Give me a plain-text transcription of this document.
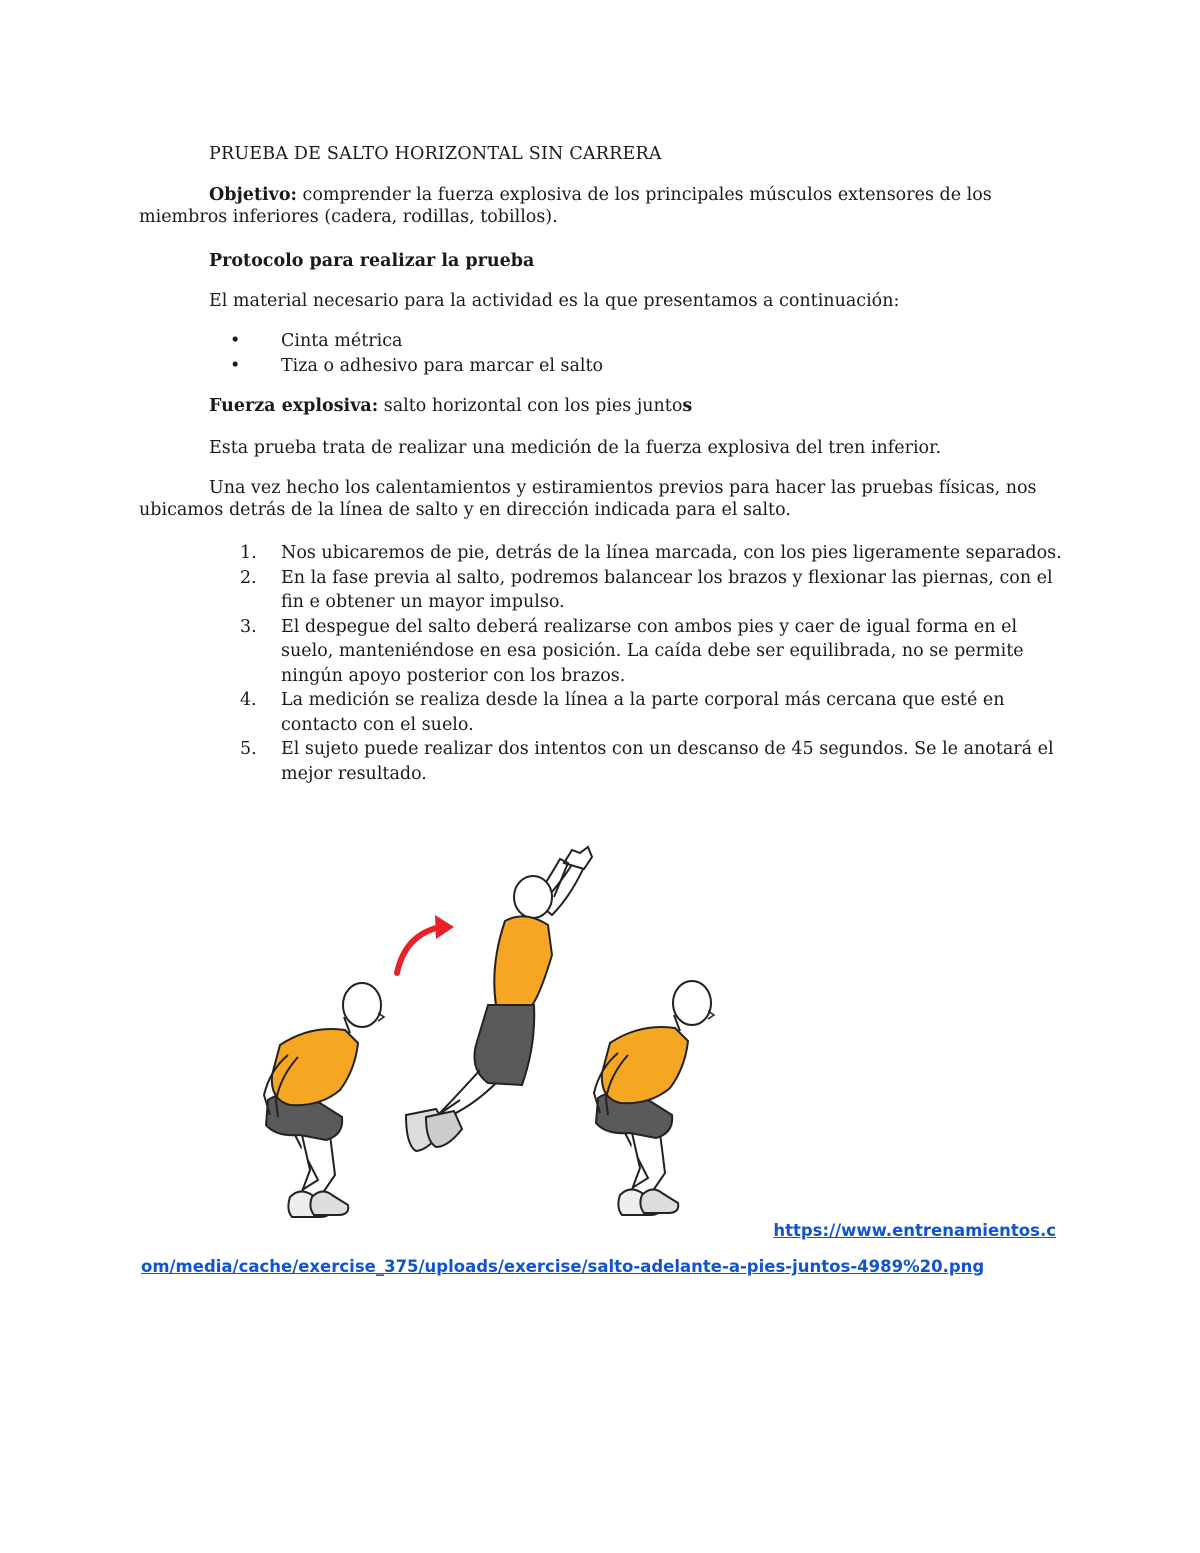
PRUEBA DE SALTO HORIZONTAL SIN CARRERA

Objetivo: comprender la fuerza explosiva de los principales músculos extensores de los miembros inferiores (cadera, rodillas, tobillos).

Protocolo para realizar la prueba

El material necesario para la actividad es la que presentamos a continuación:

• Cinta métrica
• Tiza o adhesivo para marcar el salto

Fuerza explosiva: salto horizontal con los pies juntos

Esta prueba trata de realizar una medición de la fuerza explosiva del tren inferior.

Una vez hecho los calentamientos y estiramientos previos para hacer las pruebas físicas, nos ubicamos detrás de la línea de salto y en dirección indicada para el salto.

1. Nos ubicaremos de pie, detrás de la línea marcada, con los pies ligeramente separados.
2. En la fase previa al salto, podremos balancear los brazos y flexionar las piernas, con el fin e obtener un mayor impulso.
3. El despegue del salto deberá realizarse con ambos pies y caer de igual forma en el suelo, manteniéndose en esa posición. La caída debe ser equilibrada, no se permite ningún apoyo posterior con los brazos.
4. La medición se realiza desde la línea a la parte corporal más cercana que esté en contacto con el suelo.
5. El sujeto puede realizar dos intentos con un descanso de 45 segundos. Se le anotará el mejor resultado.
https://www.entrenamientos.c
om/media/cache/exercise_375/uploads/exercise/salto-adelante-a-pies-juntos-4989%20.png
